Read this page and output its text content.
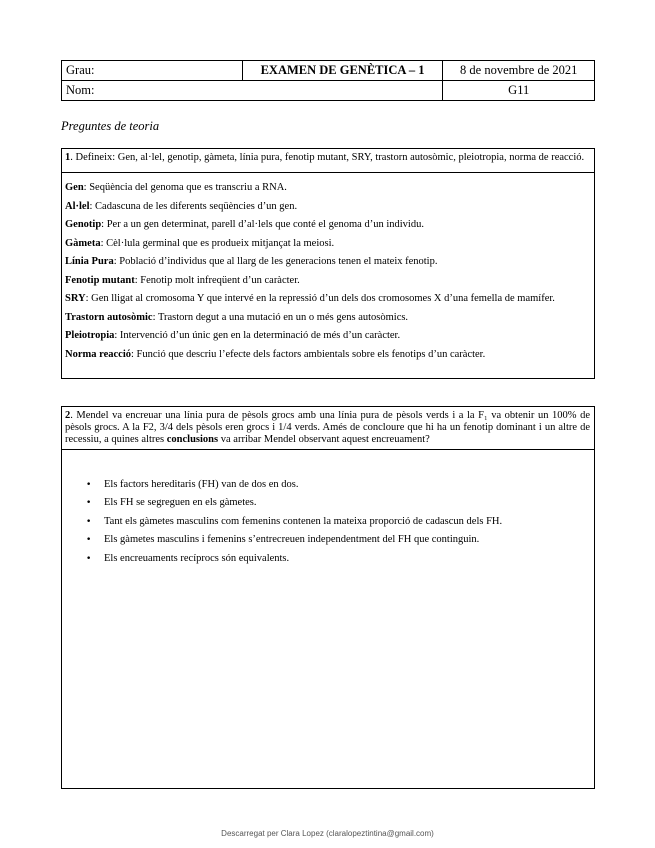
Grau:	EXAMEN DE GENÈTICA – 1	8 de novembre de 2021
Nom:		G11
Preguntes de teoria
1. Defineix: Gen, al·lel, genotip, gàmeta, línia pura, fenotip mutant, SRY, trastorn autosòmic, pleiotropia, norma de reacció.
Gen: Seqüència del genoma que es transcriu a RNA.
Al·lel: Cadascuna de les diferents seqüències d’un gen.
Genotip: Per a un gen determinat, parell d’al·lels que conté el genoma d’un individu.
Gàmeta: Cèl·lula germinal que es produeix mitjançat la meiosi.
Línia Pura: Població d’individus que al llarg de les generacions tenen el mateix fenotip.
Fenotip mutant: Fenotip molt infreqüent d’un caràcter.
SRY: Gen lligat al cromosoma Y que intervé en la repressió d’un dels dos cromosomes X d’una femella de mamífer.
Trastorn autosòmic: Trastorn degut a una mutació en un o més gens autosòmics.
Pleiotropia: Intervenció d’un únic gen en la determinació de més d’un caràcter.
Norma reacció: Funció que descriu l’efecte dels factors ambientals sobre els fenotips d’un caràcter.
2. Mendel va encreuar una línia pura de pèsols grocs amb una línia pura de pèsols verds i a la F₁ va obtenir un 100% de pèsols grocs. A la F2, 3/4 dels pèsols eren grocs i 1/4 verds. Amés de concloure que hi ha un fenotip dominant i un altre de recessiu, a quines altres conclusions va arribar Mendel observant aquest encreuament?
• Els factors hereditaris (FH) van de dos en dos.
• Els FH se segreguen en els gàmetes.
• Tant els gàmetes masculins com femenins contenen la mateixa proporció de cadascun dels FH.
• Els gàmetes masculins i femenins s’entrecreuen independentment del FH que continguin.
• Els encreuaments recíprocs són equivalents.
Descarregat per Clara Lopez (claralopeztintina@gmail.com)
